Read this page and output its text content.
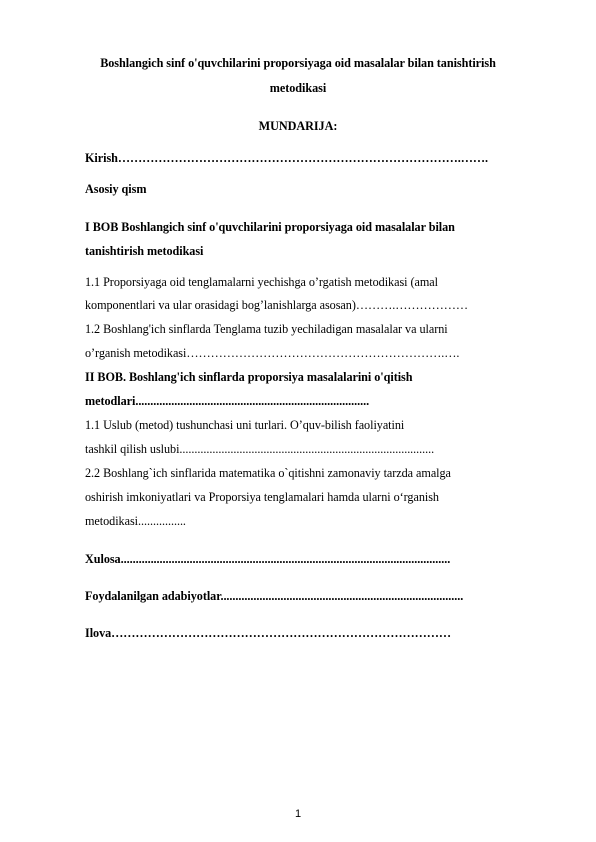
Boshlangich sinf o'quvchilarini proporsiyaga oid masalalar bilan tanishtirish
metodikasi
MUNDARIJA:
Kirish………………………………………………………………………….…….
Asosiy qism
I BOB Boshlangich sinf o'quvchilarini proporsiyaga oid masalalar bilan
tanishtirish metodikasi
1.1 Proporsiyaga oid tenglamalarni yechishga o’rgatish metodikasi (amal
komponentlari va ular orasidagi bog’lanishlarga asosan)……….………………
1.2 Boshlang'ich sinflarda Tenglama tuzib yechiladigan masalalar va ularni
o’rganish metodikasi……………………………………………………….….
II BOB. Boshlang'ich sinflarda proporsiya masalalarini o'qitish
metodlari..............................................................................
1.1 Uslub (metod) tushunchasi uni turlari. O’quv-bilish faoliyatini
tashkil qilish uslubi.....................................................................................
2.2 Boshlang`ich sinflarida matematika o`qitishni zamonaviy tarzda amalga
oshirish imkoniyatlari va Proporsiya tenglamalari hamda ularni o‘rganish
metodikasi................
Xulosa..............................................................................................................
Foydalanilgan adabiyotlar.................................................................................
Ilova…………………………………………………………………………
1
